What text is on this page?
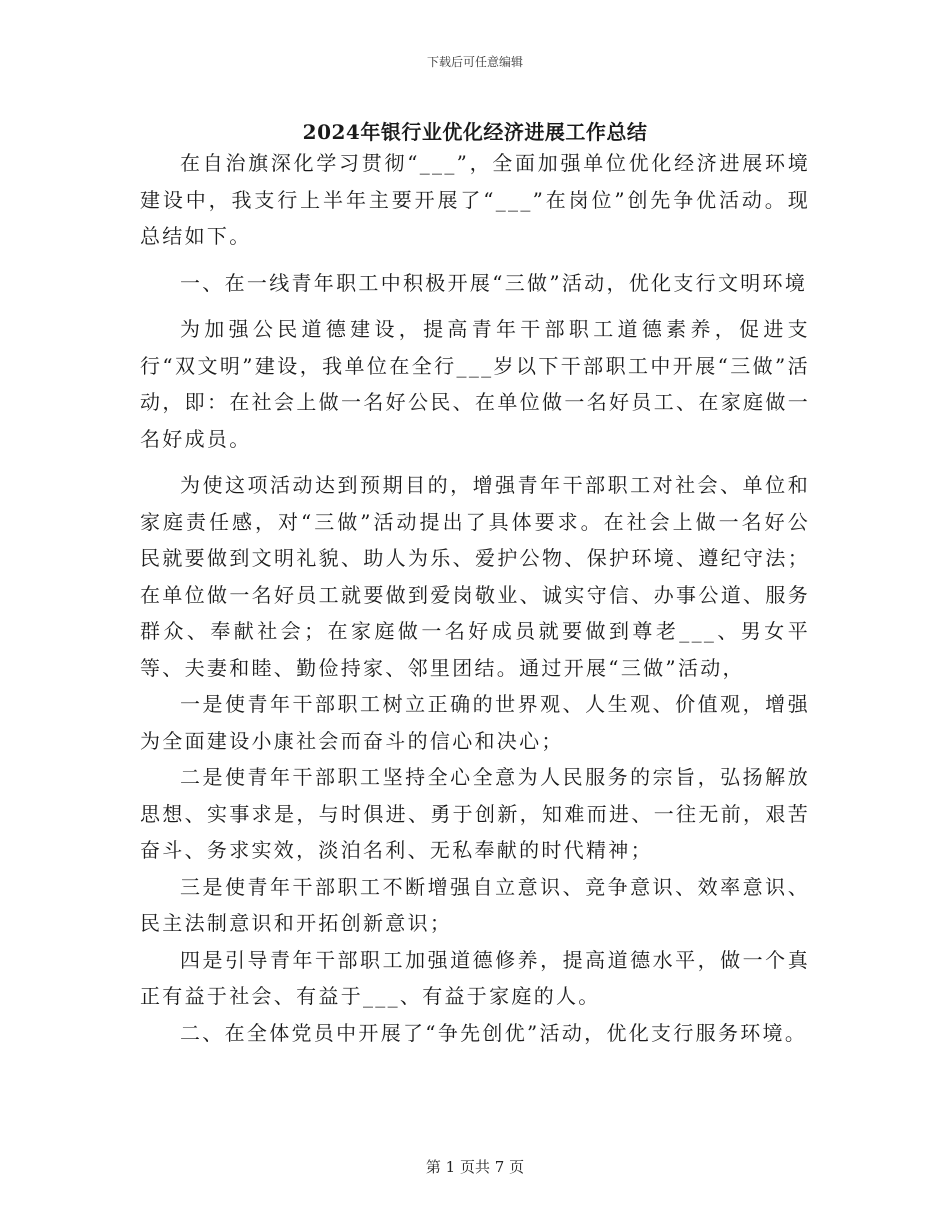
下载后可任意编辑
2024年银行业优化经济进展工作总结

在自治旗深化学习贯彻“___”，全面加强单位优化经济进展环境建设中，我支行上半年主要开展了“___”在岗位”创先争优活动。现总结如下。

一、在一线青年职工中积极开展“三做”活动，优化支行文明环境

为加强公民道德建设，提高青年干部职工道德素养，促进支行“双文明”建设，我单位在全行___岁以下干部职工中开展“三做”活动，即：在社会上做一名好公民、在单位做一名好员工、在家庭做一名好成员。

为使这项活动达到预期目的，增强青年干部职工对社会、单位和家庭责任感，对“三做”活动提出了具体要求。在社会上做一名好公民就要做到文明礼貌、助人为乐、爱护公物、保护环境、遵纪守法；在单位做一名好员工就要做到爱岗敬业、诚实守信、办事公道、服务群众、奉献社会；在家庭做一名好成员就要做到尊老___、男女平等、夫妻和睦、勤俭持家、邻里团结。通过开展“三做”活动，

一是使青年干部职工树立正确的世界观、人生观、价值观，增强为全面建设小康社会而奋斗的信心和决心；

二是使青年干部职工坚持全心全意为人民服务的宗旨，弘扬解放思想、实事求是，与时俱进、勇于创新，知难而进、一往无前，艰苦奋斗、务求实效，淡泊名利、无私奉献的时代精神；

三是使青年干部职工不断增强自立意识、竞争意识、效率意识、民主法制意识和开拓创新意识；

四是引导青年干部职工加强道德修养，提高道德水平，做一个真正有益于社会、有益于___、有益于家庭的人。

二、在全体党员中开展了“争先创优”活动，优化支行服务环境。

第 1 页共 7 页
